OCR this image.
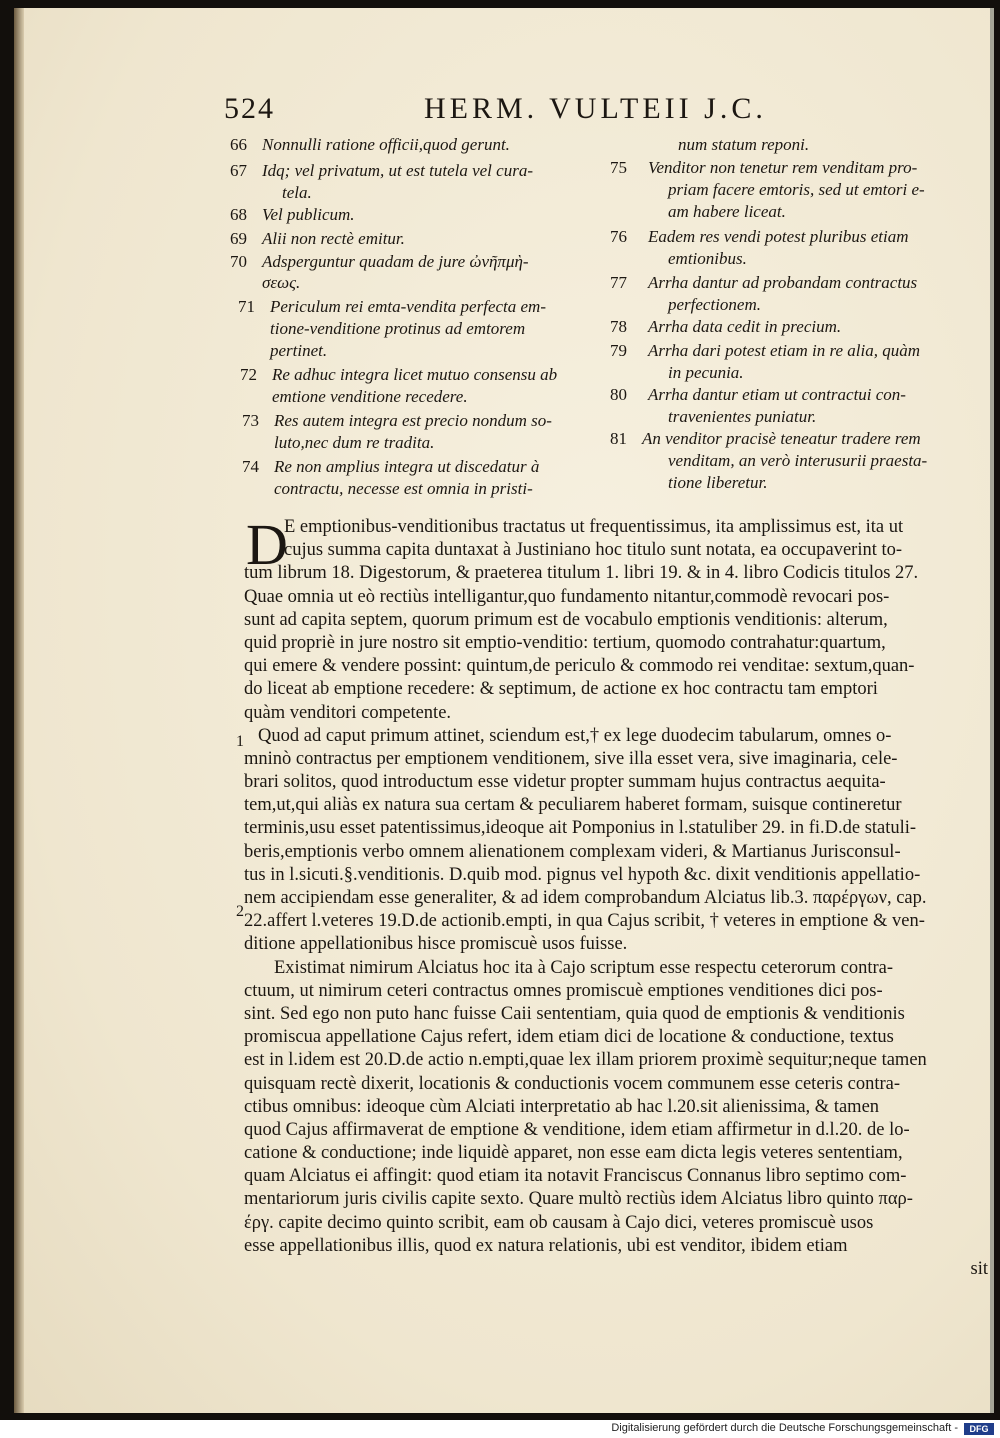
524	HERM. VULTEII J.C.
66 Nonnulli ratione officii,quod gerunt.
67 Idq; vel privatum, ut est tutela vel cura-
tela.
68 Vel publicum.
69 Alii non rectè emitur.
70 Adsperguntur quadam de jure ὠνῆπμὴ-
σεως.
71 Periculum rei emta-vendita perfecta em-
tione-venditione protinus ad emtorem
pertinet.
72 Re adhuc integra licet mutuo consensu ab
emtione venditione recedere.
73 Res autem integra est precio nondum so-
luto,nec dum re tradita.
74 Re non amplius integra ut discedatur à
contractu, necesse est omnia in pristi-
num statum reponi.
75 Venditor non tenetur rem venditam pro-
priam facere emtoris, sed ut emtori e-
am habere liceat.
76 Eadem res vendi potest pluribus etiam
emtionibus.
77 Arrha dantur ad probandam contractus
perfectionem.
78 Arrha data cedit in precium.
79 Arrha dari potest etiam in re alia, quàm
in pecunia.
80 Arrha dantur etiam ut contractui con-
travenientes puniatur.
81 An venditor pracisè teneatur tradere rem
venditam, an verò interusurii praesta-
tione liberetur.
D
E emptionibus-venditionibus tractatus ut frequentissimus, ita amplissimus est, ita ut
cujus summa capita duntaxat à Justiniano hoc titulo sunt notata, ea occupaverint to-
tum librum 18. Digestorum, & praeterea titulum 1. libri 19. & in 4. libro Codicis titulos 27.
Quae omnia ut eò rectiùs intelligantur,quo fundamento nitantur,commodè revocari pos-
sunt ad capita septem, quorum primum est de vocabulo emptionis venditionis: alterum,
quid propriè in jure nostro sit emptio-venditio: tertium, quomodo contrahatur:quartum,
qui emere & vendere possint: quintum,de periculo & commodo rei venditae: sextum,quan-
do liceat ab emptione recedere: & septimum, de actione ex hoc contractu tam emptori
quàm venditori competente.
Quod ad caput primum attinet, sciendum est,† ex lege duodecim tabularum, omnes o-
mninò contractus per emptionem venditionem, sive illa esset vera, sive imaginaria, cele-
brari solitos, quod introductum esse videtur propter summam hujus contractus aequita-
tem,ut,qui aliàs ex natura sua certam & peculiarem haberet formam, suisque contineretur
terminis,usu esset patentissimus,ideoque ait Pomponius in l.statuliber 29. in fi.D.de statuli-
beris,emptionis verbo omnem alienationem complexam videri, & Martianus Jurisconsul-
tus in l.sicuti.§.venditionis. D.quib mod. pignus vel hypoth &c. dixit venditionis appellatio-
nem accipiendam esse generaliter, & ad idem comprobandum Alciatus lib.3. παρέργων, cap.
22.affert l.veteres 19.D.de actionib.empti, in qua Cajus scribit, † veteres in emptione & ven-
ditione appellationibus hisce promiscuè usos fuisse.
Existimat nimirum Alciatus hoc ita à Cajo scriptum esse respectu ceterorum contra-
ctuum, ut nimirum ceteri contractus omnes promiscuè emptiones venditiones dici pos-
sint. Sed ego non puto hanc fuisse Caii sententiam, quia quod de emptionis & venditionis
promiscua appellatione Cajus refert, idem etiam dici de locatione & conductione, textus
est in l.idem est 20.D.de actio n.empti,quae lex illam priorem proximè sequitur;neque tamen
quisquam rectè dixerit, locationis & conductionis vocem communem esse ceteris contra-
ctibus omnibus: ideoque cùm Alciati interpretatio ab hac l.20.sit alienissima, & tamen
quod Cajus affirmaverat de emptione & venditione, idem etiam affirmetur in d.l.20. de lo-
catione & conductione; inde liquidè apparet, non esse eam dicta legis veteres sententiam,
quam Alciatus ei affingit: quod etiam ita notavit Franciscus Connanus libro septimo com-
mentariorum juris civilis capite sexto. Quare multò rectiùs idem Alciatus libro quinto παρ-
έργ. capite decimo quinto scribit, eam ob causam à Cajo dici, veteres promiscuè usos
esse appellationibus illis, quod ex natura relationis, ubi est venditor, ibidem etiam
sit
1
2
Digitalisierung gefördert durch die Deutsche Forschungsgemeinschaft -	DFG
